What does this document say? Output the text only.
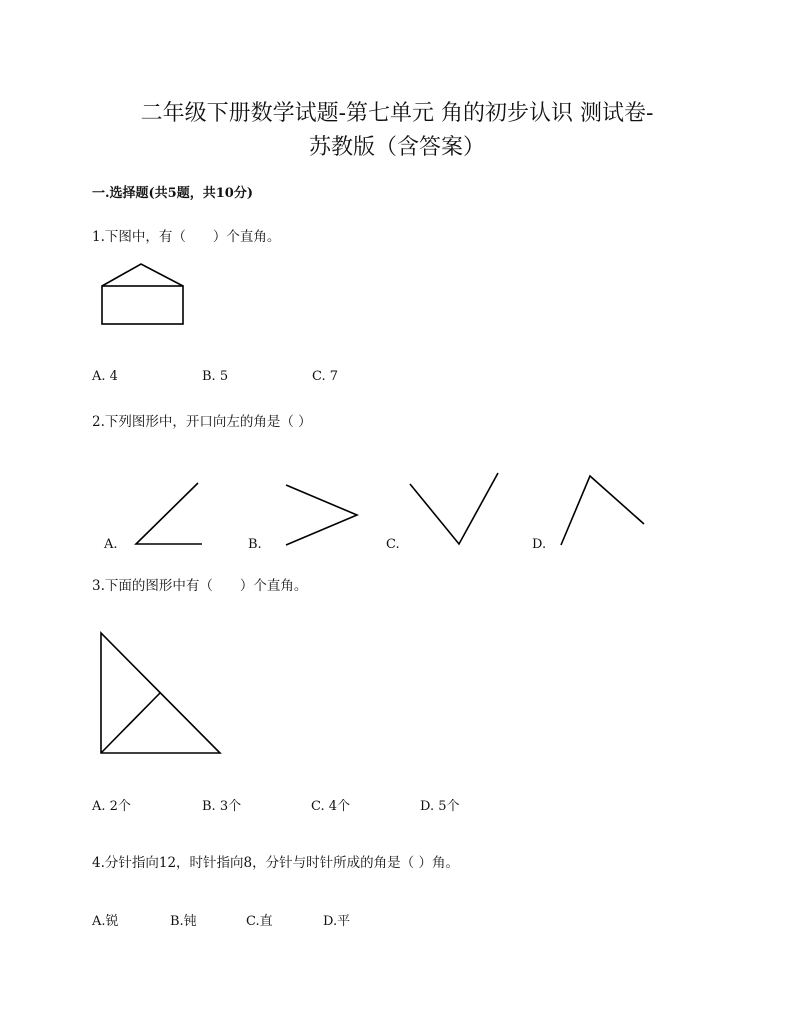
二年级下册数学试题-第七单元 角的初步认识 测试卷-
苏教版（含答案）
一.选择题(共5题，共10分)
1.下图中，有（　　）个直角。
A. 4	B. 5	C. 7
2.下列图形中，开口向左的角是（ ）
A.	B.	C.	D.
3.下面的图形中有（　　）个直角。
A. 2个	B. 3个	C. 4个	D. 5个
4.分针指向12，时针指向8，分针与时针所成的角是（ ）角。
A.锐	B.钝	C.直	D.平
